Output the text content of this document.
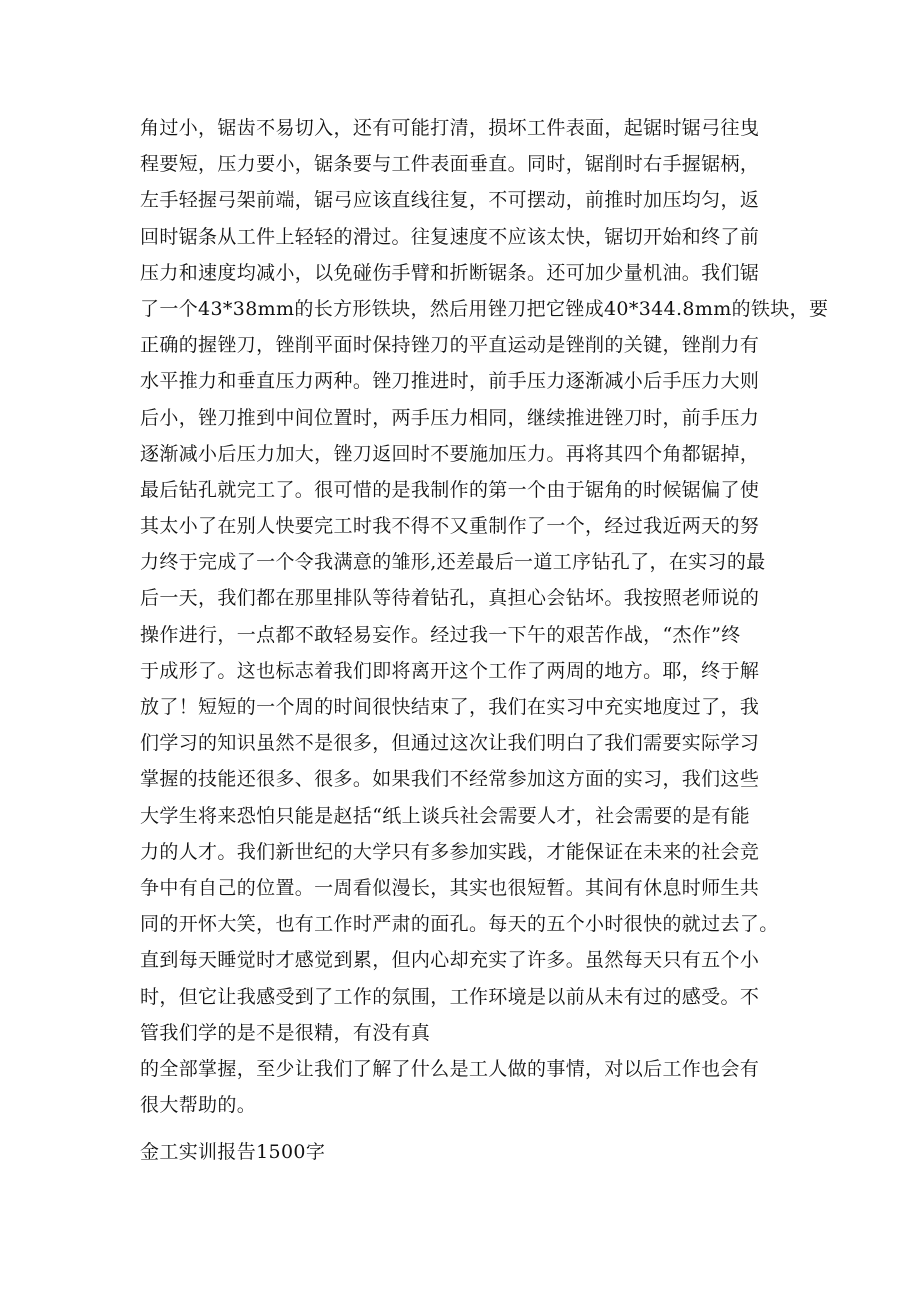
角过小，锯齿不易切入，还有可能打清，损坏工件表面，起锯时锯弓往曳
程要短，压力要小，锯条要与工件表面垂直。同时，锯削时右手握锯柄，
左手轻握弓架前端，锯弓应该直线往复，不可摆动，前推时加压均匀，返
回时锯条从工件上轻轻的滑过。往复速度不应该太快，锯切开始和终了前
压力和速度均减小，以免碰伤手臂和折断锯条。还可加少量机油。我们锯
了一个43*38mm的长方形铁块，然后用锉刀把它锉成40*344.8mm的铁块，要
正确的握锉刀，锉削平面时保持锉刀的平直运动是锉削的关键，锉削力有
水平推力和垂直压力两种。锉刀推进时，前手压力逐渐减小后手压力大则
后小，锉刀推到中间位置时，两手压力相同，继续推进锉刀时，前手压力
逐渐减小后压力加大，锉刀返回时不要施加压力。再将其四个角都锯掉，
最后钻孔就完工了。很可惜的是我制作的第一个由于锯角的时候锯偏了使
其太小了在别人快要完工时我不得不又重制作了一个，经过我近两天的努
力终于完成了一个令我满意的雏形,还差最后一道工序钻孔了，在实习的最
后一天，我们都在那里排队等待着钻孔，真担心会钻坏。我按照老师说的
操作进行，一点都不敢轻易妄作。经过我一下午的艰苦作战，“杰作”终
于成形了。这也标志着我们即将离开这个工作了两周的地方。耶，终于解
放了！短短的一个周的时间很快结束了，我们在实习中充实地度过了，我
们学习的知识虽然不是很多，但通过这次让我们明白了我们需要实际学习
掌握的技能还很多、很多。如果我们不经常参加这方面的实习，我们这些
大学生将来恐怕只能是赵括“纸上谈兵社会需要人才，社会需要的是有能
力的人才。我们新世纪的大学只有多参加实践，才能保证在未来的社会竞
争中有自己的位置。一周看似漫长，其实也很短暂。其间有休息时师生共
同的开怀大笑，也有工作时严肃的面孔。每天的五个小时很快的就过去了。
直到每天睡觉时才感觉到累，但内心却充实了许多。虽然每天只有五个小
时，但它让我感受到了工作的氛围，工作环境是以前从未有过的感受。不
管我们学的是不是很精，有没有真
的全部掌握，至少让我们了解了什么是工人做的事情，对以后工作也会有
很大帮助的。
金工实训报告1500字
